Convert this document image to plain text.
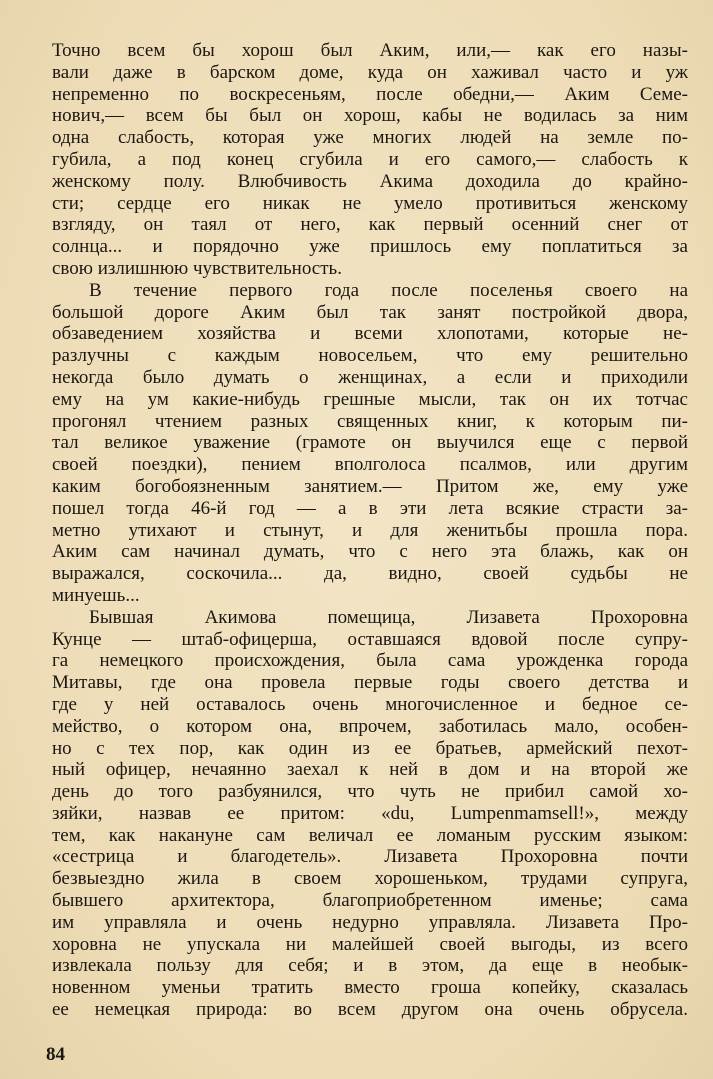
Точно всем бы хорош был Аким, или,— как его назы-
вали даже в барском доме, куда он хаживал часто и уж
непременно по воскресеньям, после обедни,— Аким Семе-
нович,— всем бы был он хорош, кабы не водилась за ним
одна слабость, которая уже многих людей на земле по-
губила, а под конец сгубила и его самого,— слабость к
женскому полу. Влюбчивость Акима доходила до крайно-
сти; сердце его никак не умело противиться женскому
взгляду, он таял от него, как первый осенний снег от
солнца... и порядочно уже пришлось ему поплатиться за
свою излишнюю чувствительность.
В течение первого года после поселенья своего на
большой дороге Аким был так занят постройкой двора,
обзаведением хозяйства и всеми хлопотами, которые не-
разлучны с каждым новосельем, что ему решительно
некогда было думать о женщинах, а если и приходили
ему на ум какие-нибудь грешные мысли, так он их тотчас
прогонял чтением разных священных книг, к которым пи-
тал великое уважение (грамоте он выучился еще с первой
своей поездки), пением вполголоса псалмов, или другим
каким богобоязненным занятием.— Притом же, ему уже
пошел тогда 46-й год — а в эти лета всякие страсти за-
метно утихают и стынут, и для женитьбы прошла пора.
Аким сам начинал думать, что с него эта блажь, как он
выражался, соскочила... да, видно, своей судьбы не
минуешь...
Бывшая Акимова помещица, Лизавета Прохоровна
Кунце — штаб-офицерша, оставшаяся вдовой после супру-
га немецкого происхождения, была сама урожденка города
Митавы, где она провела первые годы своего детства и
где у ней оставалось очень многочисленное и бедное се-
мейство, о котором она, впрочем, заботилась мало, особен-
но с тех пор, как один из ее братьев, армейский пехот-
ный офицер, нечаянно заехал к ней в дом и на второй же
день до того разбуянился, что чуть не прибил самой хо-
зяйки, назвав ее притом: «du, Lumpenmamsell!», между
тем, как накануне сам величал ее ломаным русским языком:
«сестрица и благодетель». Лизавета Прохоровна почти
безвыездно жила в своем хорошеньком, трудами супруга,
бывшего архитектора, благоприобретенном именье; сама
им управляла и очень недурно управляла. Лизавета Про-
хоровна не упускала ни малейшей своей выгоды, из всего
извлекала пользу для себя; и в этом, да еще в необык-
новенном уменьи тратить вместо гроша копейку, сказалась
ее немецкая природа: во всем другом она очень обрусела.
84
